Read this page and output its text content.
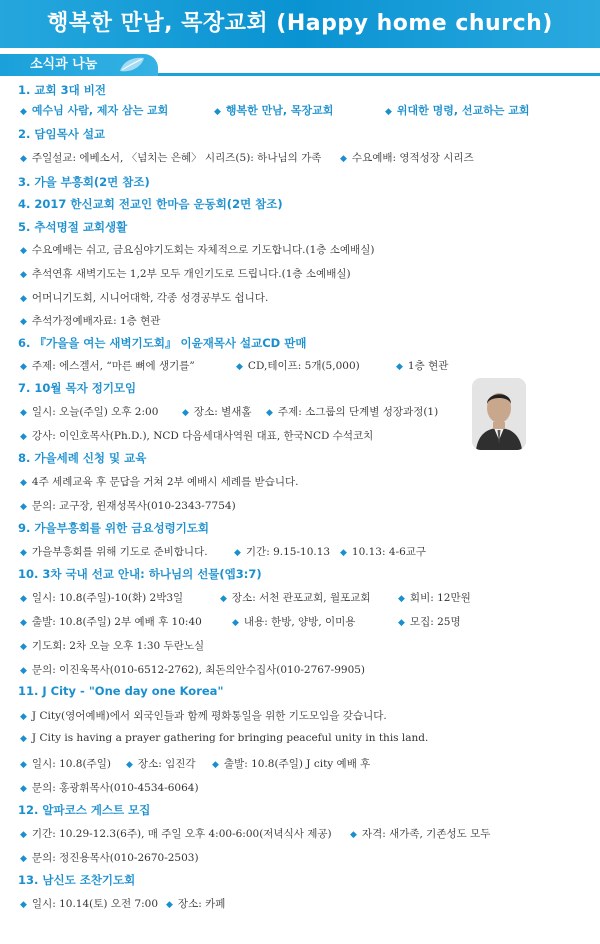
행복한 만남, 목장교회 (Happy home church)
소식과 나눔
1. 교회 3대 비전
◆ 예수님 사람, 제자 삼는 교회	◆ 행복한 만남, 목장교회	◆ 위대한 명령, 선교하는 교회
2. 담임목사 설교
◆ 주일설교: 에베소서, 〈넘치는 은혜〉 시리즈(5): 하나님의 가족 ◆ 수요예배: 영적성장 시리즈
3. 가을 부흥회(2면 참조)
4. 2017 한신교회 전교인 한마음 운동회(2면 참조)
5. 추석명절 교회생활
◆ 수요예배는 쉬고, 금요심야기도회는 자체적으로 기도합니다.(1층 소예배실)
◆ 추석연휴 새벽기도는 1,2부 모두 개인기도로 드립니다.(1층 소예배실)
◆ 어머니기도회, 시니어대학, 각종 성경공부도 쉽니다.
◆ 추석가정예배자료: 1층 현관
6. 『가을을 여는 새벽기도회』 이윤재목사 설교CD 판매
◆ 주제: 에스겔서, “마른 뼈에 생기를”	◆ CD,테이프: 5개(5,000)	◆ 1층 현관
7. 10월 목자 정기모임
◆ 일시: 오늘(주일) 오후 2:00	◆ 장소: 별새홀 ◆ 주제: 소그룹의 단계별 성장과정(1)
◆ 강사: 이인호목사(Ph.D.), NCD 다음세대사역원 대표, 한국NCD 수석코치
8. 가을세례 신청 및 교육
◆ 4주 세례교육 후 문답을 거쳐 2부 예배시 세례를 받습니다.
◆ 문의: 교구장, 윈재성목사(010-2343-7754)
9. 가을부흥회를 위한 금요성령기도회
◆ 가을부흥회를 위해 기도로 준비합니다.	◆ 기간: 9.15-10.13 ◆ 10.13: 4-6교구
10. 3차 국내 선교 안내: 하나님의 선물(엡3:7)
◆ 일시: 10.8(주일)-10(화) 2박3일	◆ 장소: 서천 관포교회, 월포교회	◆ 회비: 12만원
◆ 출발: 10.8(주일) 2부 예배 후 10:40	◆ 내용: 한방, 양방, 이미용	◆ 모집: 25명
◆ 기도회: 2차 오늘 오후 1:30 두란노실
◆ 문의: 이진욱목사(010-6512-2762), 최돈의안수집사(010-2767-9905)
11. J City - "One day one Korea"
◆ J City(영어예배)에서 외국인들과 함께 평화통일을 위한 기도모임을 갖습니다.
◆ J City is having a prayer gathering for bringing peaceful unity in this land.
◆ 일시: 10.8(주일) ◆ 장소: 임진각 ◆ 출발: 10.8(주일) J city 예배 후
◆ 문의: 홍광휘목사(010-4534-6064)
12. 알파코스 게스트 모집
◆ 기간: 10.29-12.3(6주), 매 주일 오후 4:00-6:00(저녁식사 제공) ◆ 자격: 새가족, 기존성도 모두
◆ 문의: 정진용목사(010-2670-2503)
13. 남신도 조찬기도회
◆ 일시: 10.14(토) 오전 7:00 ◆ 장소: 카페
